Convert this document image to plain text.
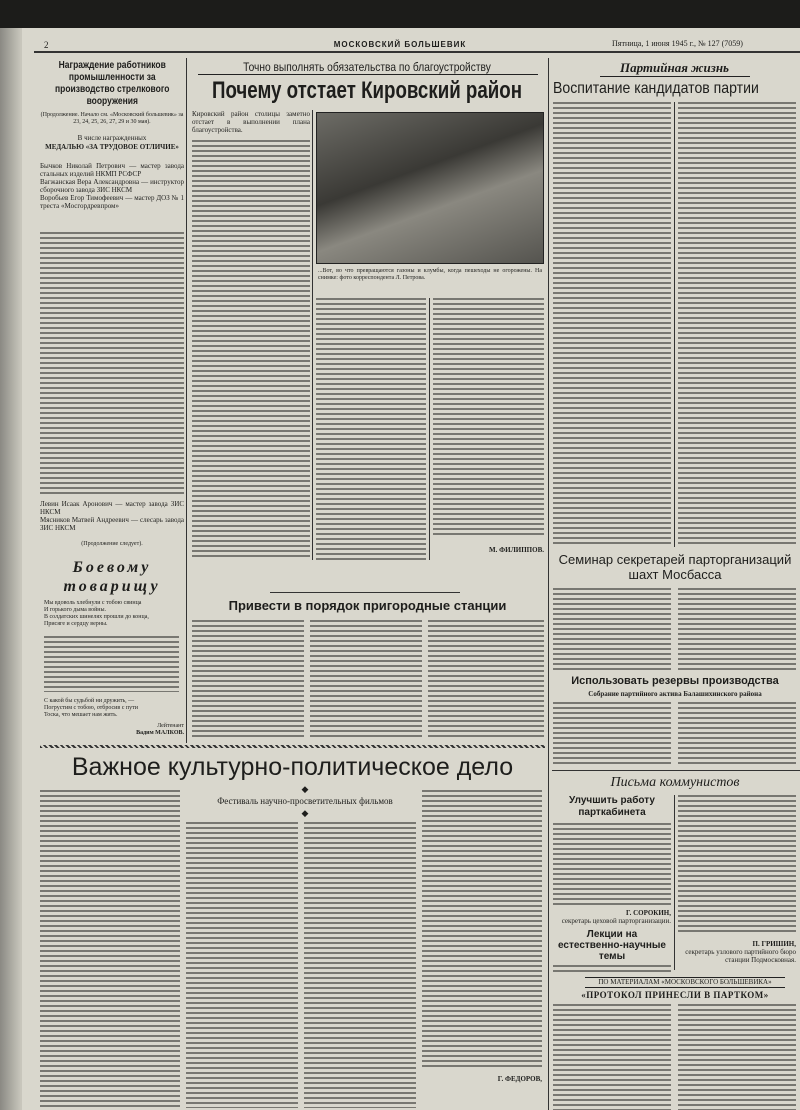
2	МОСКОВСКИЙ БОЛЬШЕВИК	Пятница, 1 июня 1945 г., № 127 (7059)
Награждение работников промышленности за производство стрелкового вооружения
(Продолжение. Начало см. «Московский большевик» за 23, 24, 25, 26, 27, 29 и 30 мая).
В числе награжденных
МЕДАЛЬЮ «ЗА ТРУДОВОЕ ОТЛИЧИЕ»
Бычков Николай Петрович — мастер завода стальных изделий НКМП РСФСР
Вагжанская Вера Александровна — инструктор сборочного завода ЗИС НКСМ
Воробьев Егор Тимофеевич — мастер ДОЗ № 1 треста «Мосгордревпром»
Левин Исаак Аронович — мастер завода ЗИС НКСМ
Мясников Матвей Андреевич — слесарь завода ЗИС НКСМ
(Продолжение следует).
Боевому товарищу
Мы вдоволь хлебнули с тобою свинца
И горького дыма войны.
В солдатских шинелях прошли до конца,
Присяге и сердцу верны.
С какой бы судьбой ни дружить, —
Погрустим с тобою, отбросив с пути
Тоска, что мешает нам жить.
Лейтенант
Вадим МАЛКОВ.
Точно выполнять обязательства по благоустройству
Почему отстает Кировский район
Кировский район столицы заметно отстает в выполнении плана благоустройства.
...Вот, во что превращаются газоны и клумбы, когда пешеходы не огорожены. На снимке: фото корреспондента Л. Петрова.
М. ФИЛИППОВ.
Привести в порядок пригородные станции
Важное культурно-политическое дело
◆
Фестиваль научно-просветительных фильмов
◆
Г. ФЕДОРОВ,
Партийная жизнь
Воспитание кандидатов партии
Семинар секретарей парторганизаций шахт Мосбасса
Использовать резервы производства
Собрание партийного актива Балашихинского района
Письма коммунистов
Улучшить работу парткабинета
Г. СОРОКИН,
секретарь цеховой парторганизации.
Лекции на естественно-научные темы
П. ГРИШИН,
секретарь узлового партийного бюро станции Подмосковная.
ПО МАТЕРИАЛАМ «МОСКОВСКОГО БОЛЬШЕВИКА»
«ПРОТОКОЛ ПРИНЕСЛИ В ПАРТКОМ»
